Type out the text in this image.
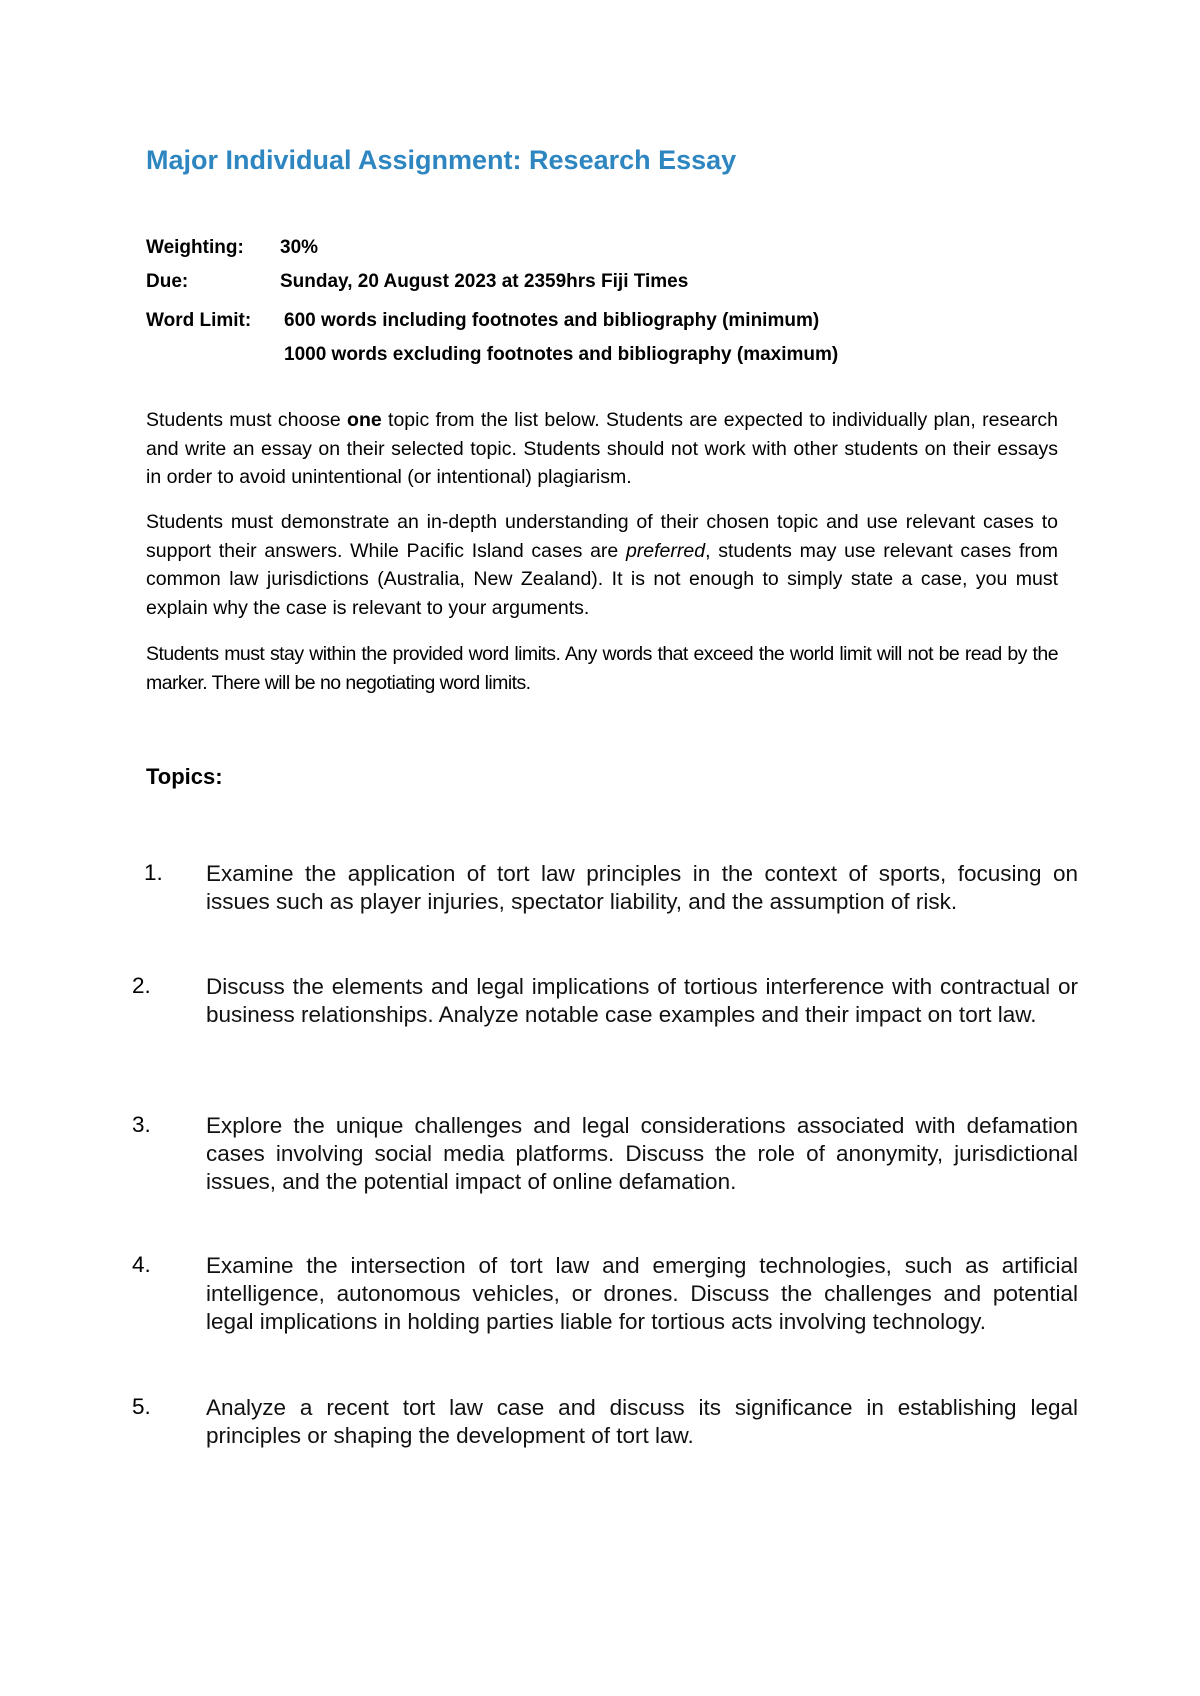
Major Individual Assignment: Research Essay
Weighting: 30%
Due:	Sunday, 20 August 2023 at 2359hrs Fiji Times
Word Limit: 600 words including footnotes and bibliography (minimum)
1000 words excluding footnotes and bibliography (maximum)

Students must choose one topic from the list below. Students are expected to individually plan, research and write an essay on their selected topic. Students should not work with other students on their essays in order to avoid unintentional (or intentional) plagiarism.

Students must demonstrate an in-depth understanding of their chosen topic and use relevant cases to support their answers. While Pacific Island cases are preferred, students may use relevant cases from common law jurisdictions (Australia, New Zealand). It is not enough to simply state a case, you must explain why the case is relevant to your arguments.

Students must stay within the provided word limits. Any words that exceed the world limit will not be read by the marker. There will be no negotiating word limits.

Topics:
1. Examine the application of tort law principles in the context of sports, focusing on issues such as player injuries, spectator liability, and the assumption of risk.

2. Discuss the elements and legal implications of tortious interference with contractual or business relationships. Analyze notable case examples and their impact on tort law.

3. Explore the unique challenges and legal considerations associated with defamation cases involving social media platforms. Discuss the role of anonymity, jurisdictional issues, and the potential impact of online defamation.

4. Examine the intersection of tort law and emerging technologies, such as artificial intelligence, autonomous vehicles, or drones. Discuss the challenges and potential legal implications in holding parties liable for tortious acts involving technology.

5. Analyze a recent tort law case and discuss its significance in establishing legal principles or shaping the development of tort law.
